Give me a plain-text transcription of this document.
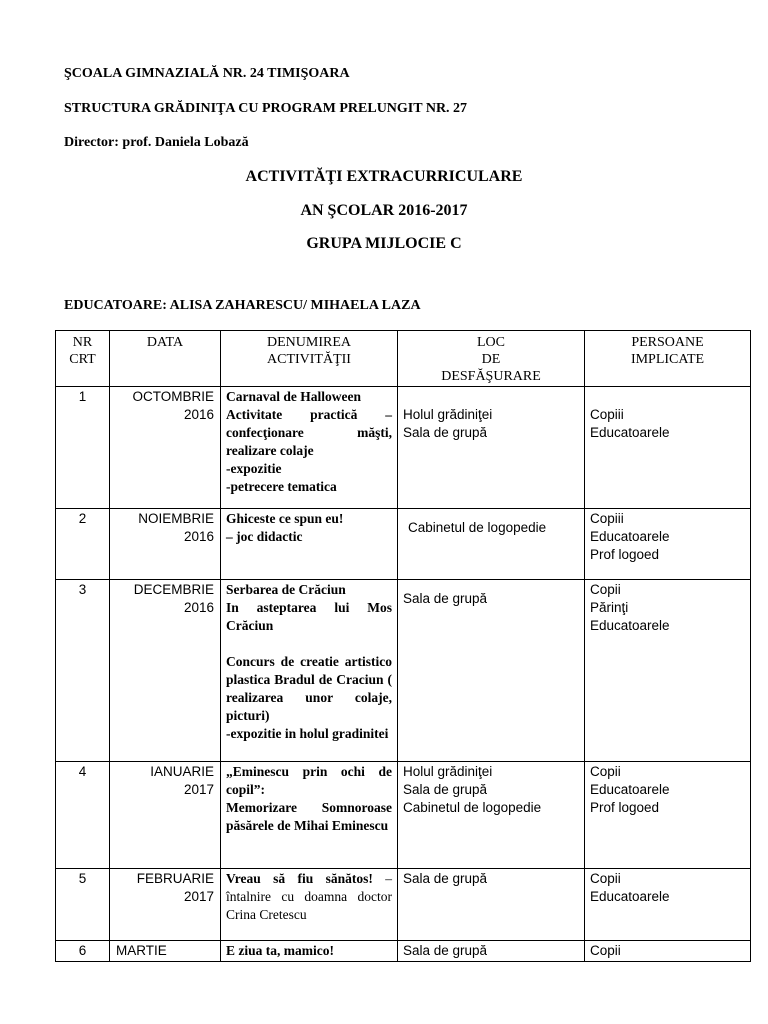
ŞCOALA GIMNAZIALĂ NR. 24 TIMIŞOARA
STRUCTURA GRĂDINIŢA CU PROGRAM PRELUNGIT NR. 27
Director: prof. Daniela Lobază
ACTIVITĂŢI EXTRACURRICULARE
AN ŞCOLAR 2016-2017
GRUPA MIJLOCIE C
EDUCATOARE: ALISA ZAHARESCU/ MIHAELA LAZA
NR
CRT	DATA	DENUMIREA
ACTIVITĂŢII	LOC
DE
DESFĂŞURARE	PERSOANE
IMPLICATE

1	OCTOMBRIE
2016	Carnaval de Halloween
Activitate practică – confecţionare măşti, realizare colaje
-expozitie
-petrecere tematica	Holul grădiniţei
Sala de grupă	Copiii
Educatoarele

2	NOIEMBRIE
2016	Ghiceste ce spun eu!
– joc didactic	Cabinetul de logopedie	Copiii
Educatoarele
Prof logoed

3	DECEMBRIE
2016	Serbarea de Crăciun
In asteptarea lui Mos Crăciun
Concurs de creatie artistico plastica Bradul de Craciun ( realizarea unor colaje, picturi)
-expozitie in holul gradinitei	Sala de grupă	Copii
Părinţi
Educatoarele

4	IANUARIE
2017	„Eminescu prin ochi de copil”:
Memorizare Somnoroase păsărele de Mihai Eminescu	Holul grădiniţei
Sala de grupă
Cabinetul de logopedie	Copii
Educatoarele
Prof logoed

5	FEBRUARIE
2017	Vreau să fiu sănătos! – întalnire cu doamna doctor Crina Cretescu	Sala de grupă	Copii
Educatoarele

6	MARTIE	E ziua ta, mamico!	Sala de grupă	Copii
